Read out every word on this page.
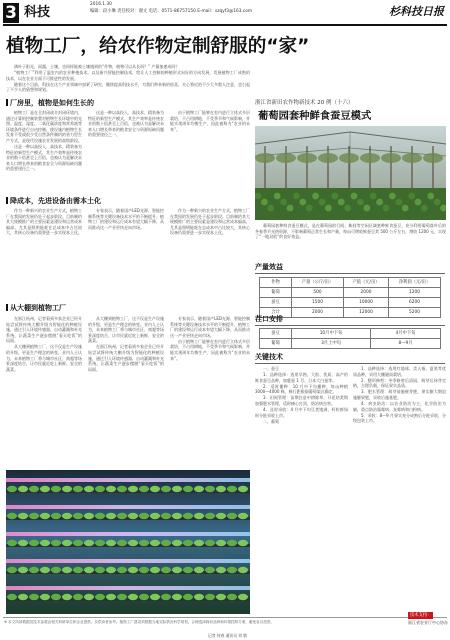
3 科技
2016.1.30
编辑：段小琳 责任校对：谢文 电话：0571-86757150 E-mail：szqyf3@163.com	杉科技日报
植物工厂，给农作物定制舒服的“家”

满叶子阳光、雨露、土壤，也同样能被土壤遇到的“作物，植物可以从长吗？” 产量加速成吗？

“植物工厂”利用了温室内的农业种植技术，以及新兴智能控制技术，给让人工控制的种植形式向好的方向发展，发展植物工厂成熟的技术，以在农业方面不可推进性的发展。

随着这个目前，科技在这个产业领域中加紧了研究，继续提高科技水平，为我们带来新的惊喜，关心将近的不少大多数人注意，也引起了不少人的猜想和规划。

厂房里，植物是如何生长的

植物工厂是在全封闭或半封闭环境内，通过计算机控制装置对植物生长环境中的光照、温度、湿度、二氧化碳浓度和营养液等环境条件进行自动控制，使设施内植物生长发育不受或很少受自然条件制约的省力型生产方式，是现代设施农业发展的高级阶段。

这是一种以高投入、高技术、精装备为特征的新型生产模式，其生产效率是传统农业的数十倍甚至上百倍，也被认为是解决未来人口增长带来的粮食安全与资源短缺问题的重要途径之一。

这是一种以高投入、高技术、精装备为特征的新型生产模式，其生产效率是传统农业的数十倍甚至上百倍，也被认为是解决未来人口增长带来的粮食安全与资源短缺问题的重要途径之一。

由于植物工厂能够在室内进行立体式多层栽培，不占用耕地，不受季节和气候影响，并能实现周年均衡生产，因此被称为“农业的未来”。

降成本，先进设备由需本土化

作为一种新兴的农业生产方式，植物工厂在我国的发展仍处于起步阶段。目前制约其大规模推广的主要因素是建设和运营成本偏高，尤其是照明能耗在总成本中占比较大，其核心设备仍需要进一步实现本土化。

专家表示，随着国产LED光源、智能控制系统等关键设备技术水平的不断提升，植物工厂的建设和运行成本有望大幅下降，从而推动这一产业更快走向市场。

作为一种新兴的农业生产方式，植物工厂在我国的发展仍处于起步阶段。目前制约其大规模推广的主要因素是建设和运营成本偏高，尤其是照明能耗在总成本中占比较大，其核心设备仍需要进一步实现本土化。

从大棚到植物工厂

在浙江杭州，记者看到多家企业已经开始尝试将传统大棚升级为智能化的种植设施，通过引入环境传感器、自动灌溉和补光系统，让蔬菜生产逐步摆脱“看天吃饭”的局面。

从大棚到植物工厂，这不仅是生产设施的升级，更是生产理念的转变。业内人士认为，未来植物工厂将与城市社区、商超等场景深度结合，让市民就近吃上新鲜、安全的蔬菜。

从大棚到植物工厂，这不仅是生产设施的升级，更是生产理念的转变。业内人士认为，未来植物工厂将与城市社区、商超等场景深度结合，让市民就近吃上新鲜、安全的蔬菜。

在浙江杭州，记者看到多家企业已经开始尝试将传统大棚升级为智能化的种植设施，通过引入环境传感器、自动灌溉和补光系统，让蔬菜生产逐步摆脱“看天吃饭”的局面。

专家表示，随着国产LED光源、智能控制系统等关键设备技术水平的不断提升，植物工厂的建设和运行成本有望大幅下降，从而推动这一产业更快走向市场。

由于植物工厂能够在室内进行立体式多层栽培，不占用耕地，不受季节和气候影响，并能实现周年均衡生产，因此被称为“农业的未来”。

浙江省新田农作物新技术 20 例（十六）
葡萄园套种鲜食蚕豆模式

葡萄园套种鲜食蚕豆模式，是在葡萄园的行间、株间等空闲区域套种鲜食蚕豆，充分利用葡萄落叶后的冬春季节光热资源，不影响葡萄正常生长和产量，每亩可增收鲜蚕豆荚 500 公斤左右，增收 1200 元，实现了“一地双收”的良好效益。

产量效益
作物	产量（公斤/亩）	产值（元/亩）	净利润（元/亩）
葡萄	500	2000	1200
蚕豆	1500	10000	6200
合计	2000	12000	5200
茬口安排
蚕豆	10月中下旬	4月中下旬
葡萄	3月上中旬	8—9月
关键技术

一、蚕豆

1．品种选择：选用早熟、大粒、优质、高产的鲜食蚕豆品种，如慈蚕 1 号、日本大白蚕等。

2．适时播种：10 月中下旬播种，每亩种植 3000—4000 株，株行距根据葡萄架式确定。

3．田间管理：苗期注意中耕除草，开花结荚期加强肥水管理，适时摘心打顶，防治病虫害。

4．及时采收：4 月中下旬豆荚饱满、籽粒鲜绿时分批采收上市。

二、葡萄

1．品种选择：选用红地球、美人指、夏黑等优质品种，采用大棚避雨栽培。

2．整形修剪：冬季修剪后清园，萌芽后抹芽定梢，合理负载，保证果实品质。

3．肥水管理：萌芽前施催芽肥，果实膨大期追施膨果肥，采收后施基肥。

4．病虫防治：以农业防治为主，化学防治为辅，重点防治霜霉病、灰霉病和白粉病。

5．采收：8—9 月果实充分成熟后分批采收，分级包装上市。

※ 本文所涉数据及技术参数由相关科研单位和企业提供，仅供读者参考。植物工厂建设须根据当地实际情况科学规划，合理选择栽培品种和环境控制方案，避免盲目投资。
记者 何春 通讯员 刘 敏
技术支持：
浙江省农业厅中心协办
